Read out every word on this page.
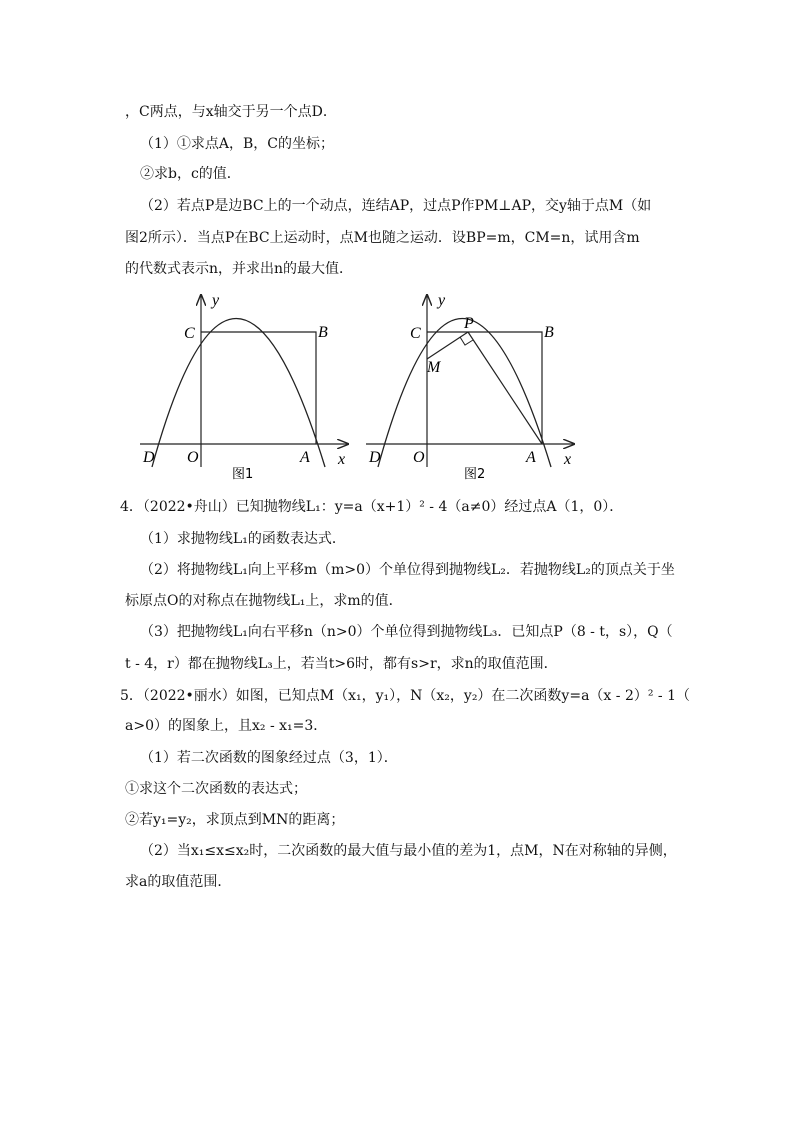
，C两点，与x轴交于另一个点D．
（1）①求点A，B，C的坐标；
②求b，c的值．
（2）若点P是边BC上的一个动点，连结AP，过点P作PM⊥AP，交y轴于点M（如
图2所示）．当点P在BC上运动时，点M也随之运动．设BP=m，CM=n，试用含m
的代数式表示n，并求出n的最大值．
y
C	B
D O	A x
图1
y
C
P
B
M
D O	A x
图2
4．（2022•舟山）已知抛物线L₁：y=a（x+1）² - 4（a≠0）经过点A（1，0）．
（1）求抛物线L₁的函数表达式．
（2）将抛物线L₁向上平移m（m>0）个单位得到抛物线L₂．若抛物线L₂的顶点关于坐
标原点O的对称点在抛物线L₁上，求m的值．
（3）把抛物线L₁向右平移n（n>0）个单位得到抛物线L₃．已知点P（8 - t，s），Q（
t - 4，r）都在抛物线L₃上，若当t>6时，都有s>r，求n的取值范围．
5．（2022•丽水）如图，已知点M（x₁，y₁），N（x₂，y₂）在二次函数y=a（x - 2）² - 1（
a>0）的图象上，且x₂ - x₁=3．
（1）若二次函数的图象经过点（3，1）．
①求这个二次函数的表达式；
②若y₁=y₂，求顶点到MN的距离；
（2）当x₁≤x≤x₂时，二次函数的最大值与最小值的差为1，点M，N在对称轴的异侧，
求a的取值范围．
